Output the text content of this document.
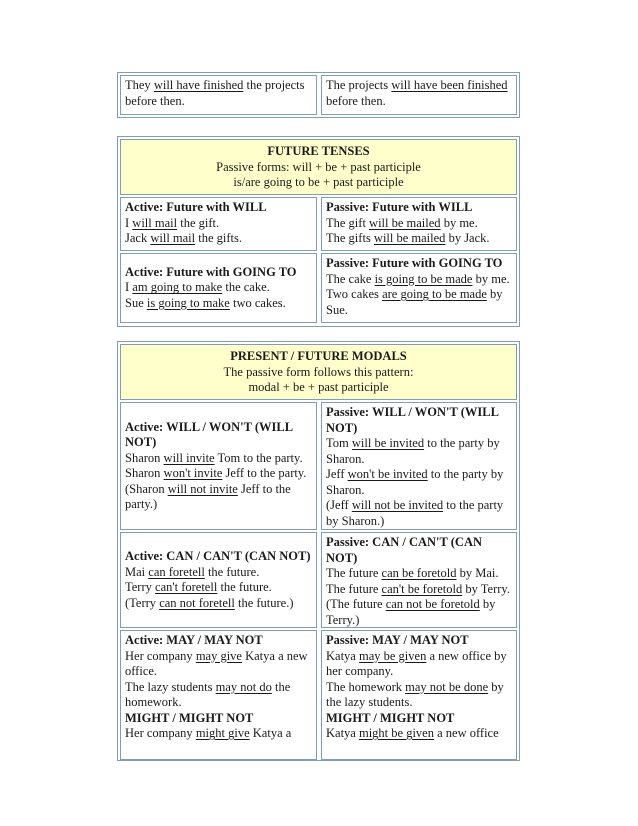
They will have finished the projects
before then.
The projects will have been finished
before then.
FUTURE TENSES
Passive forms: will + be + past participle
is/are going to be + past participle
Active: Future with WILL
I will mail the gift.
Jack will mail the gifts.
Passive: Future with WILL
The gift will be mailed by me.
The gifts will be mailed by Jack.
Active: Future with GOING TO
I am going to make the cake.
Sue is going to make two cakes.
Passive: Future with GOING TO
The cake is going to be made by me.
Two cakes are going to be made by
Sue.
PRESENT / FUTURE MODALS
The passive form follows this pattern:
modal + be + past participle
Active: WILL / WON'T (WILL
NOT)
Sharon will invite Tom to the party.
Sharon won't invite Jeff to the party.
(Sharon will not invite Jeff to the
party.)
Passive: WILL / WON'T (WILL
NOT)
Tom will be invited to the party by
Sharon.
Jeff won't be invited to the party by
Sharon.
(Jeff will not be invited to the party
by Sharon.)
Active: CAN / CAN'T (CAN NOT)
Mai can foretell the future.
Terry can't foretell the future.
(Terry can not foretell the future.)
Passive: CAN / CAN'T (CAN
NOT)
The future can be foretold by Mai.
The future can't be foretold by Terry.
(The future can not be foretold by
Terry.)
Active: MAY / MAY NOT
Her company may give Katya a new
office.
The lazy students may not do the
homework.
MIGHT / MIGHT NOT
Her company might give Katya a
Passive: MAY / MAY NOT
Katya may be given a new office by
her company.
The homework may not be done by
the lazy students.
MIGHT / MIGHT NOT
Katya might be given a new office
